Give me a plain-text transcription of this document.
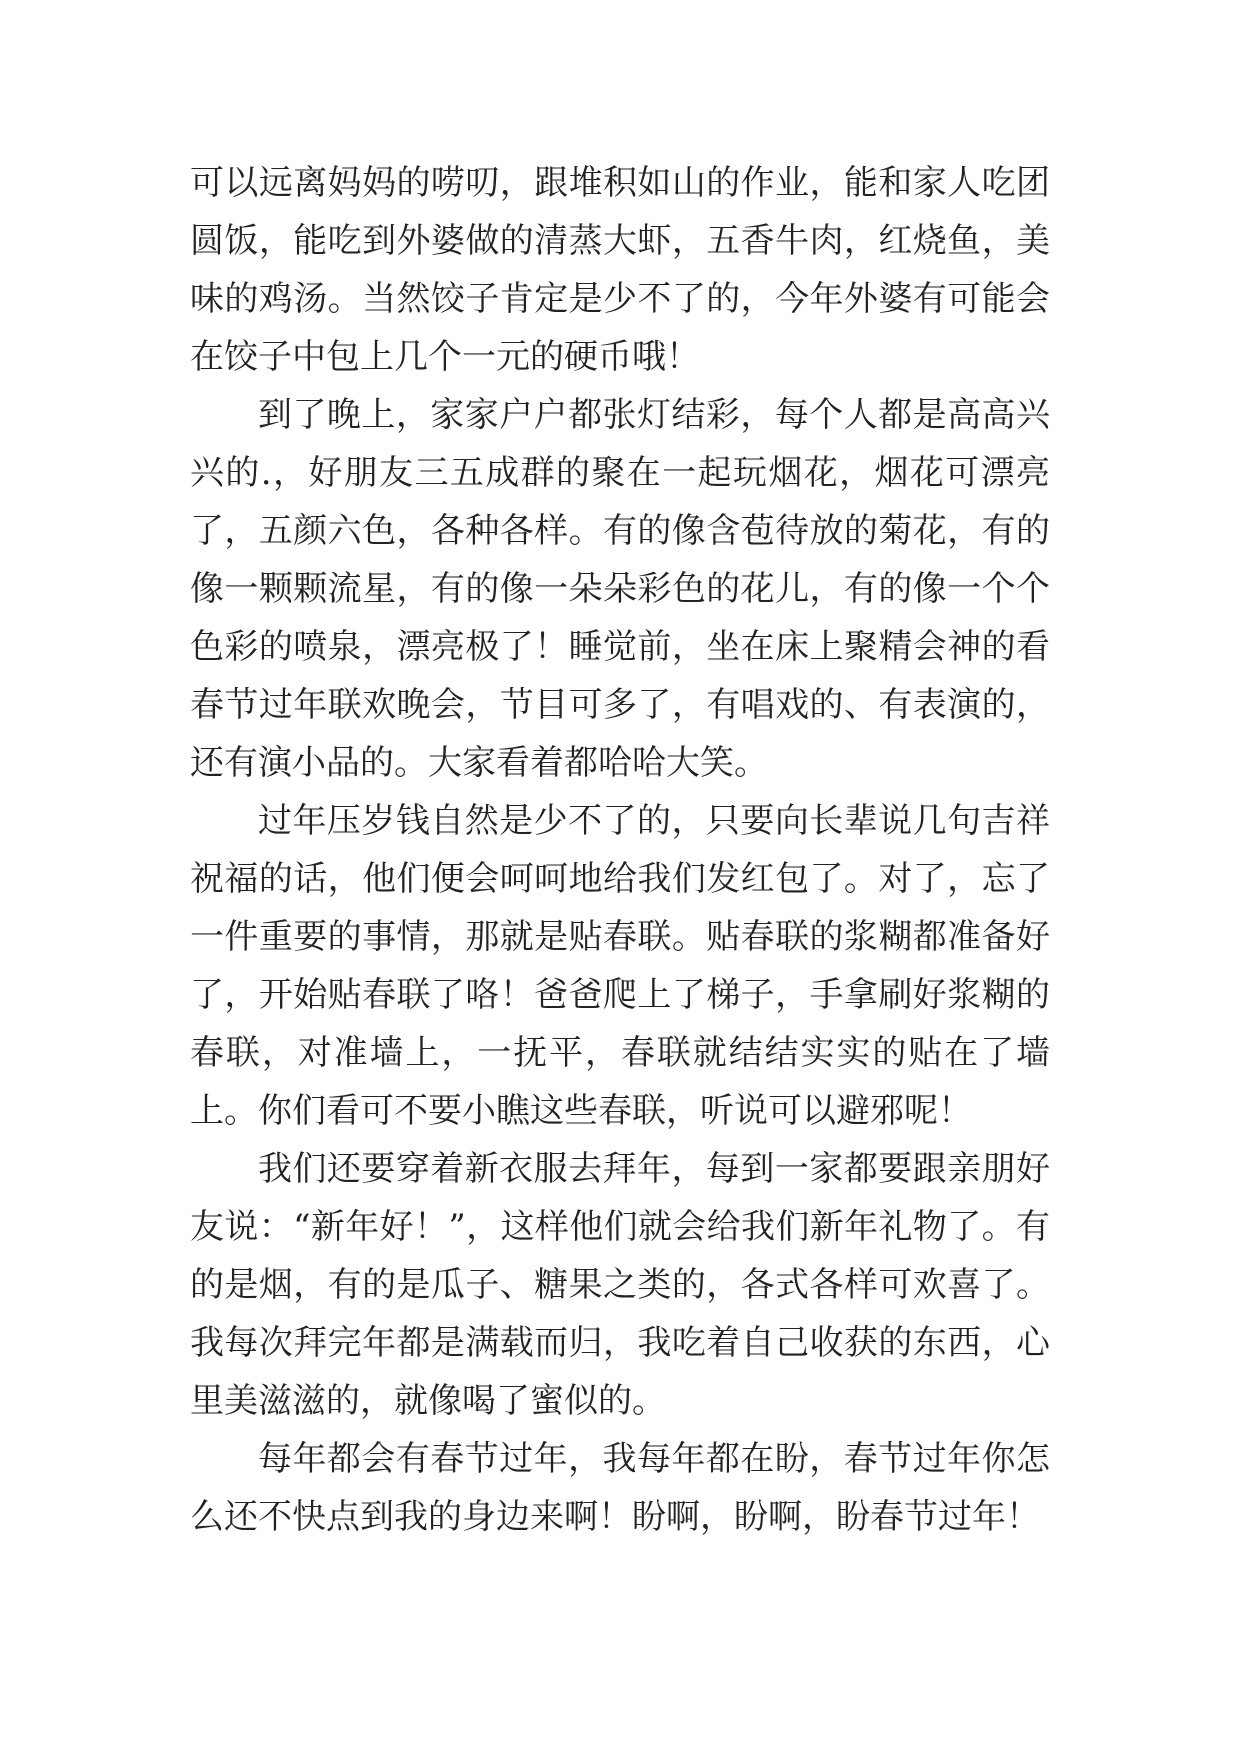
可以远离妈妈的唠叨，跟堆积如山的作业，能和家人吃团圆饭，能吃到外婆做的清蒸大虾，五香牛肉，红烧鱼，美味的鸡汤。当然饺子肯定是少不了的，今年外婆有可能会在饺子中包上几个一元的硬币哦！

到了晚上，家家户户都张灯结彩，每个人都是高高兴兴的.，好朋友三五成群的聚在一起玩烟花，烟花可漂亮了，五颜六色，各种各样。有的像含苞待放的菊花，有的像一颗颗流星，有的像一朵朵彩色的花儿，有的像一个个色彩的喷泉，漂亮极了！睡觉前，坐在床上聚精会神的看春节过年联欢晚会，节目可多了，有唱戏的、有表演的，还有演小品的。大家看着都哈哈大笑。

过年压岁钱自然是少不了的，只要向长辈说几句吉祥祝福的话，他们便会呵呵地给我们发红包了。对了，忘了一件重要的事情，那就是贴春联。贴春联的浆糊都准备好了，开始贴春联了咯！爸爸爬上了梯子，手拿刷好浆糊的春联，对准墙上，一抚平，春联就结结实实的贴在了墙上。你们看可不要小瞧这些春联，听说可以避邪呢！

我们还要穿着新衣服去拜年，每到一家都要跟亲朋好友说：“新年好！”，这样他们就会给我们新年礼物了。有的是烟，有的是瓜子、糖果之类的，各式各样可欢喜了。我每次拜完年都是满载而归，我吃着自己收获的东西，心里美滋滋的，就像喝了蜜似的。

每年都会有春节过年，我每年都在盼，春节过年你怎么还不快点到我的身边来啊！盼啊，盼啊，盼春节过年！
